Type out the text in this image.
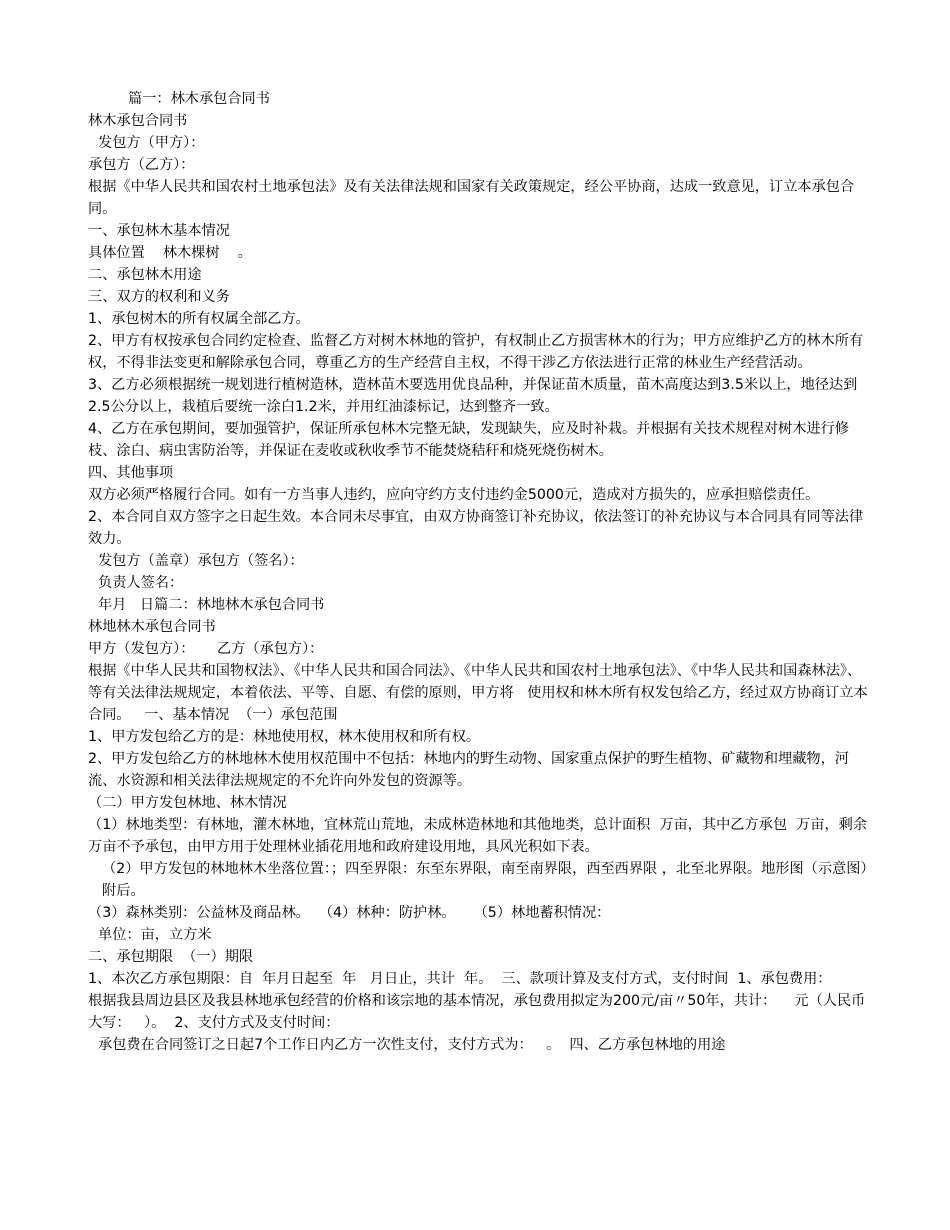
篇一：林木承包合同书

林木承包合同书

发包方（甲方）：

承包方（乙方）：

根据《中华人民共和国农村土地承包法》及有关法律法规和国家有关政策规定，经公平协商，达成一致意见，订立本承包合同。

一、承包林木基本情况

具体位置    林木棵树    。

二、承包林木用途

三、双方的权利和义务

1、承包树木的所有权属全部乙方。

2、甲方有权按承包合同约定检查、监督乙方对树木林地的管护，有权制止乙方损害林木的行为；甲方应维护乙方的林木所有权，不得非法变更和解除承包合同，尊重乙方的生产经营自主权，不得干涉乙方依法进行正常的林业生产经营活动。

3、乙方必须根据统一规划进行植树造林，造林苗木要选用优良品种，并保证苗木质量，苗木高度达到3.5米以上，地径达到2.5公分以上，栽植后要统一涂白1.2米，并用红油漆标记，达到整齐一致。

4、乙方在承包期间，要加强管护，保证所承包林木完整无缺，发现缺失，应及时补栽。并根据有关技术规程对树木进行修枝、涂白、病虫害防治等，并保证在麦收或秋收季节不能焚烧秸秆和烧死烧伤树木。

四、其他事项

双方必须严格履行合同。如有一方当事人违约，应向守约方支付违约金5000元，造成对方损失的，应承担赔偿责任。

2、本合同自双方签字之日起生效。本合同未尽事宜，由双方协商签订补充协议，依法签订的补充协议与本合同具有同等法律效力。

发包方（盖章）承包方（签名）：

负责人签名：

年月   日篇二：林地林木承包合同书

林地林木承包合同书

甲方（发包方）：     乙方（承包方）：

根据《中华人民共和国物权法》、《中华人民共和国合同法》、《中华人民共和国农村土地承包法》、《中华人民共和国森林法》、等有关法律法规规定，本着依法、平等、自愿、有偿的原则，甲方将   使用权和林木所有权发包给乙方，经过双方协商订立本合同。   一、基本情况  （一）承包范围

1、甲方发包给乙方的是：林地使用权，林木使用权和所有权。

2、甲方发包给乙方的林地林木使用权范围中不包括：林地内的野生动物、国家重点保护的野生植物、矿藏物和埋藏物，河流、水资源和相关法律法规规定的不允许向外发包的资源等。

（二）甲方发包林地、林木情况

（1）林地类型：有林地，灌木林地，宜林荒山荒地，未成林造林地和其他地类，总计面积  万亩，其中乙方承包  万亩，剩余  万亩不予承包，由甲方用于处理林业插花用地和政府建设用地，具风光积如下表。

（2）甲方发包的林地林木坐落位置：；四至界限：东至东界限，南至南界限，西至西界限 ，北至北界限。地形图（示意图）附后。

（3）森林类别：公益林及商品林。  （4）林种：防护林。    （5）林地蓄积情况：

单位：亩，立方米

二、承包期限  （一）期限

1、本次乙方承包期限：自  年月日起至  年   月日止，共计  年。  三、款项计算及支付方式，支付时间  1、承包费用：

根据我县周边县区及我县林地承包经营的价格和该宗地的基本情况，承包费用拟定为200元/亩〃50年，共计：    元（人民币大写：   ）。  2、支付方式及支付时间：

承包费在合同签订之日起7个工作日内乙方一次性支付，支付方式为：   。  四、乙方承包林地的用途
